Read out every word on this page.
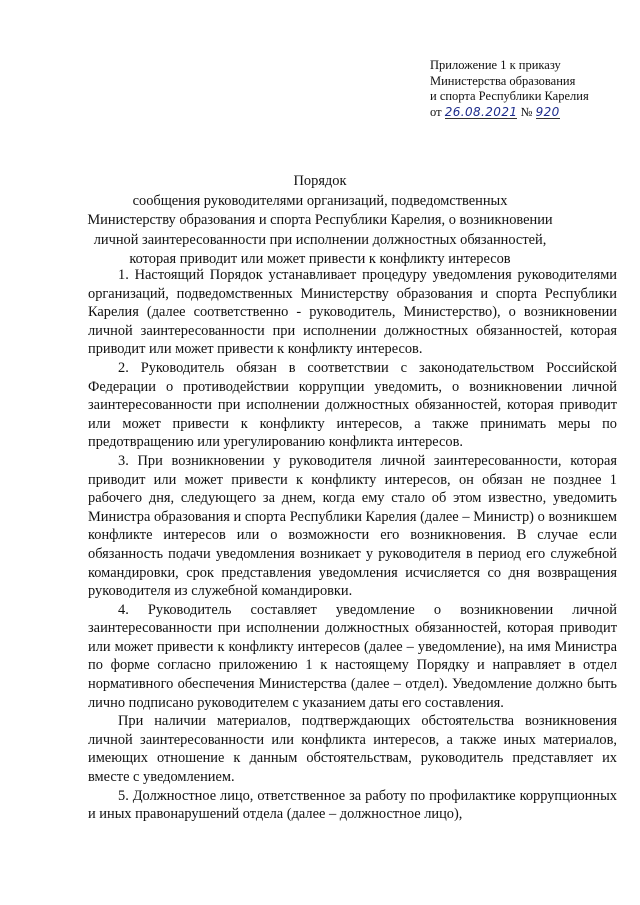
Приложение 1 к приказу
Министерства образования
и спорта Республики Карелия
от 26.08.2021 № 920
Порядок
сообщения руководителями организаций, подведомственных
Министерству образования и спорта Республики Карелия, о возникновении
личной заинтересованности при исполнении должностных обязанностей,
которая приводит или может привести к конфликту интересов

1. Настоящий Порядок устанавливает процедуру уведомления руководителями организаций, подведомственных Министерству образования и спорта Республики Карелия (далее соответственно - руководитель, Министерство), о возникновении личной заинтересованности при исполнении должностных обязанностей, которая приводит или может привести к конфликту интересов.

2. Руководитель обязан в соответствии с законодательством Российской Федерации о противодействии коррупции уведомить, о возникновении личной заинтересованности при исполнении должностных обязанностей, которая приводит или может привести к конфликту интересов, а также принимать меры по предотвращению или урегулированию конфликта интересов.

3. При возникновении у руководителя личной заинтересованности, которая приводит или может привести к конфликту интересов, он обязан не позднее 1 рабочего дня, следующего за днем, когда ему стало об этом известно, уведомить Министра образования и спорта Республики Карелия (далее – Министр) о возникшем конфликте интересов или о возможности его возникновения. В случае если обязанность подачи уведомления возникает у руководителя в период его служебной командировки, срок представления уведомления исчисляется со дня возвращения руководителя из служебной командировки.

4. Руководитель составляет уведомление о возникновении личной заинтересованности при исполнении должностных обязанностей, которая приводит или может привести к конфликту интересов (далее – уведомление), на имя Министра по форме согласно приложению 1 к настоящему Порядку и направляет в отдел нормативного обеспечения Министерства (далее – отдел). Уведомление должно быть лично подписано руководителем с указанием даты его составления.

При наличии материалов, подтверждающих обстоятельства возникновения личной заинтересованности или конфликта интересов, а также иных материалов, имеющих отношение к данным обстоятельствам, руководитель представляет их вместе с уведомлением.

5. Должностное лицо, ответственное за работу по профилактике коррупционных и иных правонарушений отдела (далее – должностное лицо),
